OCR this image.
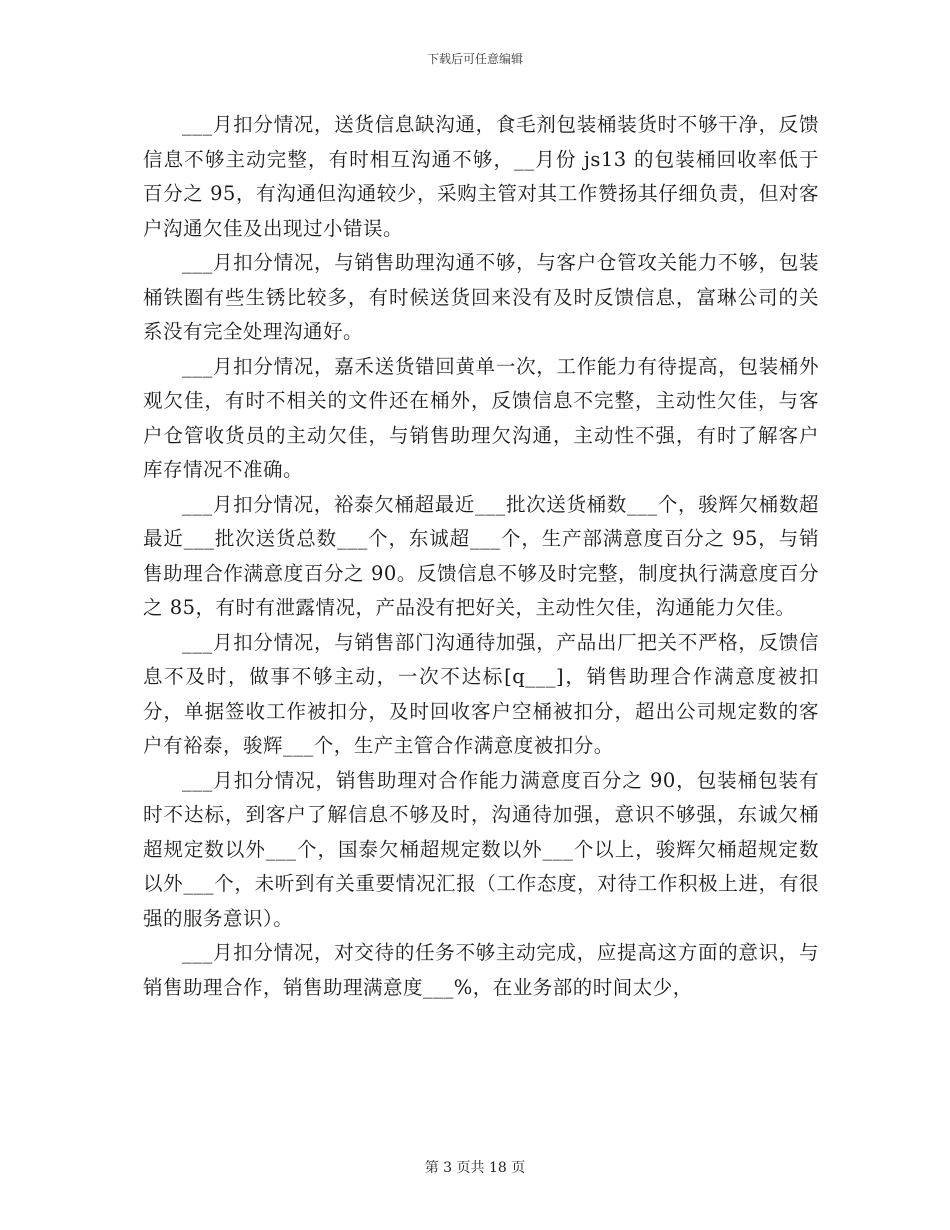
下载后可任意编辑

___月扣分情况，送货信息缺沟通，食毛剂包装桶装货时不够干净，反馈信息不够主动完整，有时相互沟通不够，__月份 js13 的包装桶回收率低于百分之 95，有沟通但沟通较少，采购主管对其工作赞扬其仔细负责，但对客户沟通欠佳及出现过小错误。

___月扣分情况，与销售助理沟通不够，与客户仓管攻关能力不够，包装桶铁圈有些生锈比较多，有时候送货回来没有及时反馈信息，富琳公司的关系没有完全处理沟通好。

___月扣分情况，嘉禾送货错回黄单一次，工作能力有待提高，包装桶外观欠佳，有时不相关的文件还在桶外，反馈信息不完整，主动性欠佳，与客户仓管收货员的主动欠佳，与销售助理欠沟通，主动性不强，有时了解客户库存情况不准确。

___月扣分情况，裕泰欠桶超最近___批次送货桶数___个，骏辉欠桶数超最近___批次送货总数___个，东诚超___个，生产部满意度百分之 95，与销售助理合作满意度百分之 90。反馈信息不够及时完整，制度执行满意度百分之 85，有时有泄露情况，产品没有把好关，主动性欠佳，沟通能力欠佳。

___月扣分情况，与销售部门沟通待加强，产品出厂把关不严格，反馈信息不及时，做事不够主动，一次不达标[q___]，销售助理合作满意度被扣分，单据签收工作被扣分，及时回收客户空桶被扣分，超出公司规定数的客户有裕泰，骏辉___个，生产主管合作满意度被扣分。

___月扣分情况，销售助理对合作能力满意度百分之 90，包装桶包装有时不达标，到客户了解信息不够及时，沟通待加强，意识不够强，东诚欠桶超规定数以外___个，国泰欠桶超规定数以外___个以上，骏辉欠桶超规定数以外___个，未听到有关重要情况汇报（工作态度，对待工作积极上进，有很强的服务意识）。

___月扣分情况，对交待的任务不够主动完成，应提高这方面的意识，与销售助理合作，销售助理满意度___%，在业务部的时间太少，

第 3 页共 18 页
